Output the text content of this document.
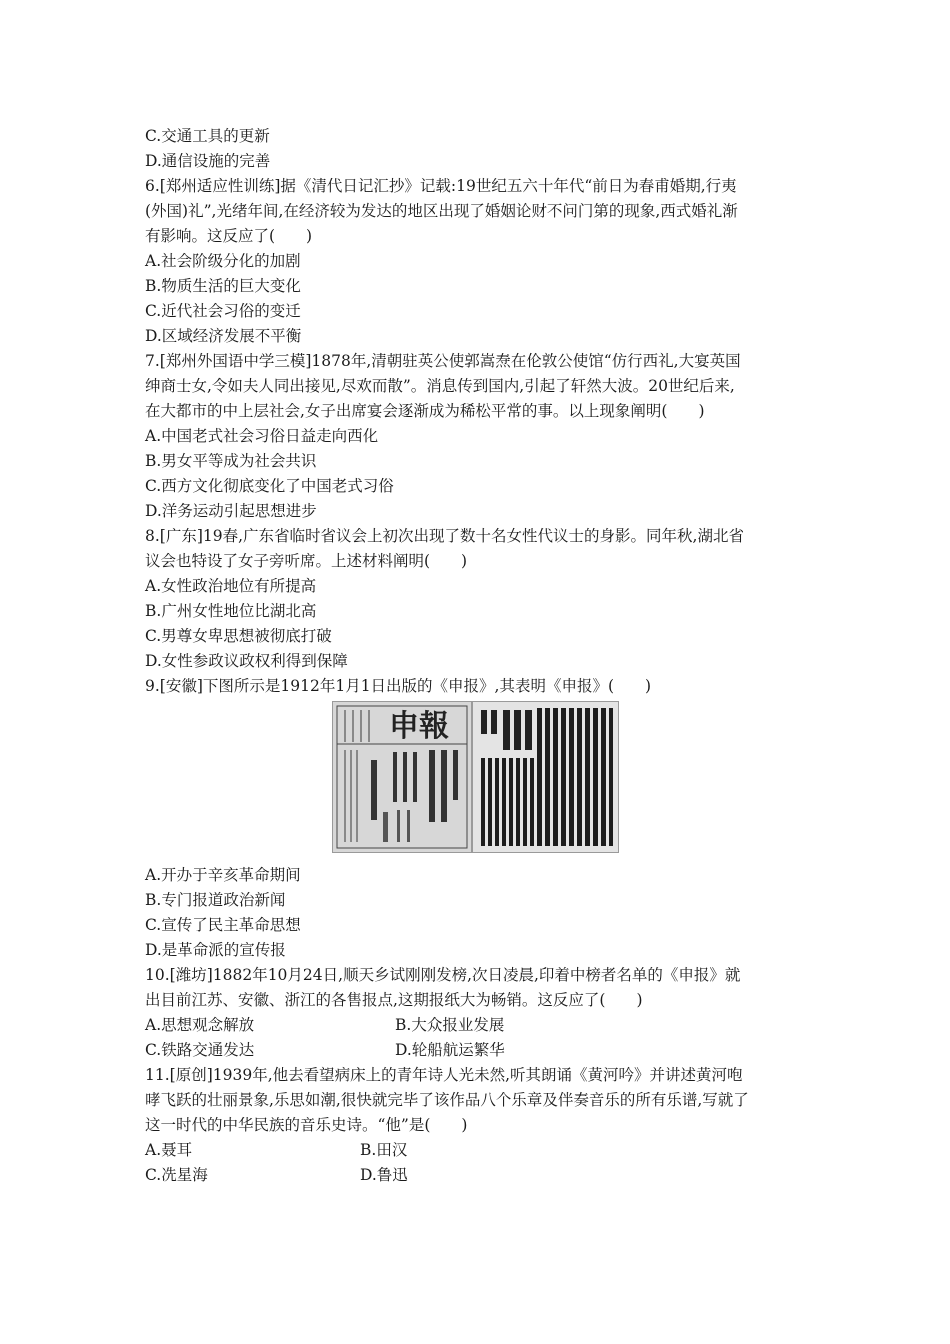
C.交通工具的更新
D.通信设施的完善
6.[郑州适应性训练]据《清代日记汇抄》记载:19世纪五六十年代“前日为春甫婚期,行夷
(外国)礼”,光绪年间,在经济较为发达的地区出现了婚姻论财不问门第的现象,西式婚礼渐
有影响。这反应了(　　)
A.社会阶级分化的加剧
B.物质生活的巨大变化
C.近代社会习俗的变迁
D.区域经济发展不平衡
7.[郑州外国语中学三模]1878年,清朝驻英公使郭嵩焘在伦敦公使馆“仿行西礼,大宴英国
绅商士女,令如夫人同出接见,尽欢而散”。消息传到国内,引起了轩然大波。20世纪后来,
在大都市的中上层社会,女子出席宴会逐渐成为稀松平常的事。以上现象阐明(　　)
A.中国老式社会习俗日益走向西化
B.男女平等成为社会共识
C.西方文化彻底变化了中国老式习俗
D.洋务运动引起思想进步
8.[广东]19春,广东省临时省议会上初次出现了数十名女性代议士的身影。同年秋,湖北省
议会也特设了女子旁听席。上述材料阐明(　　)
A.女性政治地位有所提高
B.广州女性地位比湖北高
C.男尊女卑思想被彻底打破
D.女性参政议政权利得到保障
9.[安徽]下图所示是1912年1月1日出版的《申报》,其表明《申报》(　　)
申報
A.开办于辛亥革命期间
B.专门报道政治新闻
C.宣传了民主革命思想
D.是革命派的宣传报
10.[潍坊]1882年10月24日,顺天乡试刚刚发榜,次日凌晨,印着中榜者名单的《申报》就
出目前江苏、安徽、浙江的各售报点,这期报纸大为畅销。这反应了(　　)
A.思想观念解放	B.大众报业发展
C.铁路交通发达	D.轮船航运繁华
11.[原创]1939年,他去看望病床上的青年诗人光未然,听其朗诵《黄河吟》并讲述黄河咆
哮飞跃的壮丽景象,乐思如潮,很快就完毕了该作品八个乐章及伴奏音乐的所有乐谱,写就了
这一时代的中华民族的音乐史诗。“他”是(　　)
A.聂耳	B.田汉
C.冼星海	D.鲁迅
